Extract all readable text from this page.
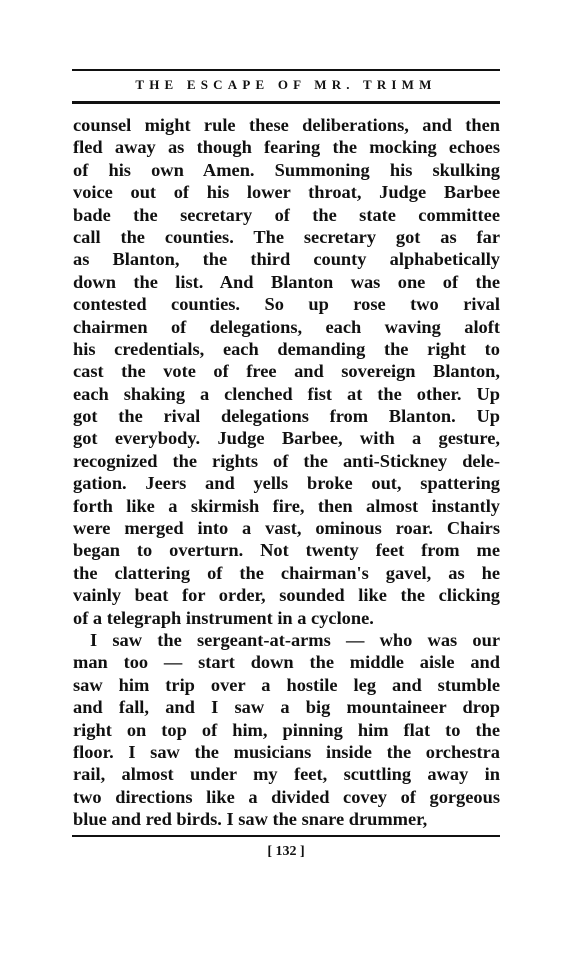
THE ESCAPE OF MR. TRIMM
counsel might rule these deliberations, and then
fled away as though fearing the mocking echoes
of his own Amen. Summoning his skulking
voice out of his lower throat, Judge Barbee
bade the secretary of the state committee
call the counties. The secretary got as far
as Blanton, the third county alphabetically
down the list. And Blanton was one of the
contested counties. So up rose two rival
chairmen of delegations, each waving aloft
his credentials, each demanding the right to
cast the vote of free and sovereign Blanton,
each shaking a clenched fist at the other. Up
got the rival delegations from Blanton. Up
got everybody. Judge Barbee, with a gesture,
recognized the rights of the anti-Stickney dele-
gation. Jeers and yells broke out, spattering
forth like a skirmish fire, then almost instantly
were merged into a vast, ominous roar. Chairs
began to overturn. Not twenty feet from me
the clattering of the chairman's gavel, as he
vainly beat for order, sounded like the clicking
of a telegraph instrument in a cyclone.
I saw the sergeant-at-arms — who was our
man too — start down the middle aisle and
saw him trip over a hostile leg and stumble
and fall, and I saw a big mountaineer drop
right on top of him, pinning him flat to the
floor. I saw the musicians inside the orchestra
rail, almost under my feet, scuttling away in
two directions like a divided covey of gorgeous
blue and red birds. I saw the snare drummer,
[ 132 ]
